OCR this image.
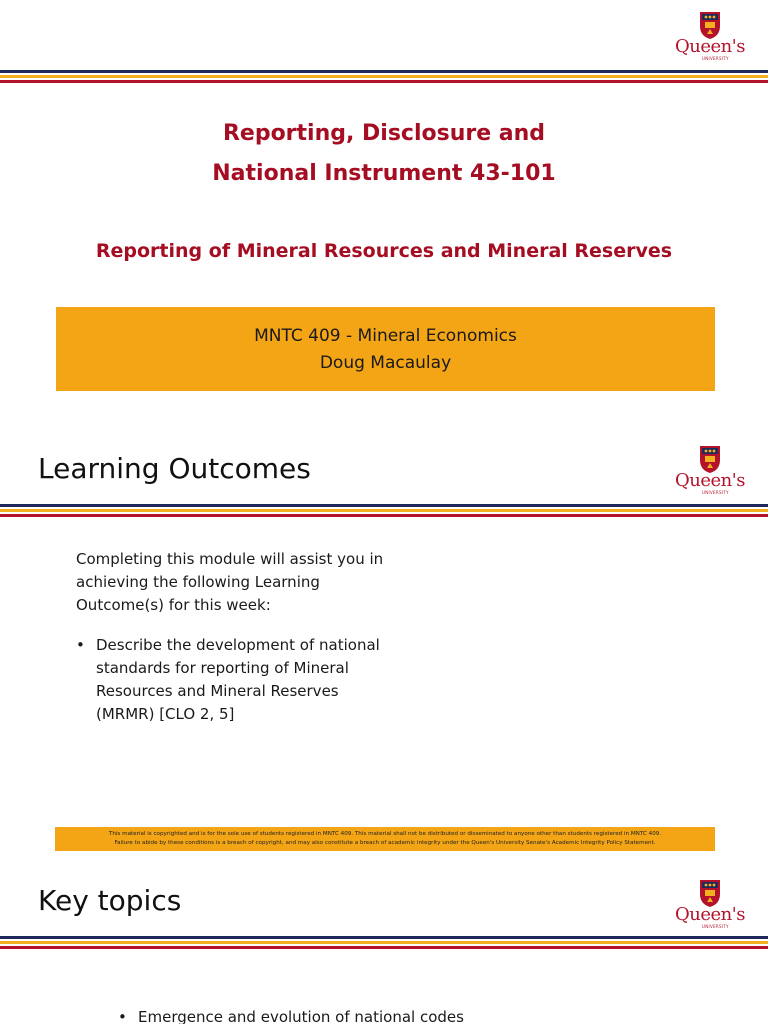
Queen's
UNIVERSITY
Reporting, Disclosure and
National Instrument 43-101
Reporting of Mineral Resources and Mineral Reserves
MNTC 409 - Mineral Economics
Doug Macaulay
Learning Outcomes	Queen's
UNIVERSITY
Completing this module will assist you in
achieving the following Learning
Outcome(s) for this week:
• Describe the development of national
standards for reporting of Mineral
Resources and Mineral Reserves
(MRMR) [CLO 2, 5]
This material is copyrighted and is for the sole use of students registered in MNTC 409. This material shall not be distributed or disseminated to anyone other than students registered in MNTC 409.
Failure to abide by these conditions is a breach of copyright, and may also constitute a breach of academic integrity under the Queen's University Senate's Academic Integrity Policy Statement.
Key topics	Queen's
UNIVERSITY
• Emergence and evolution of national codes
